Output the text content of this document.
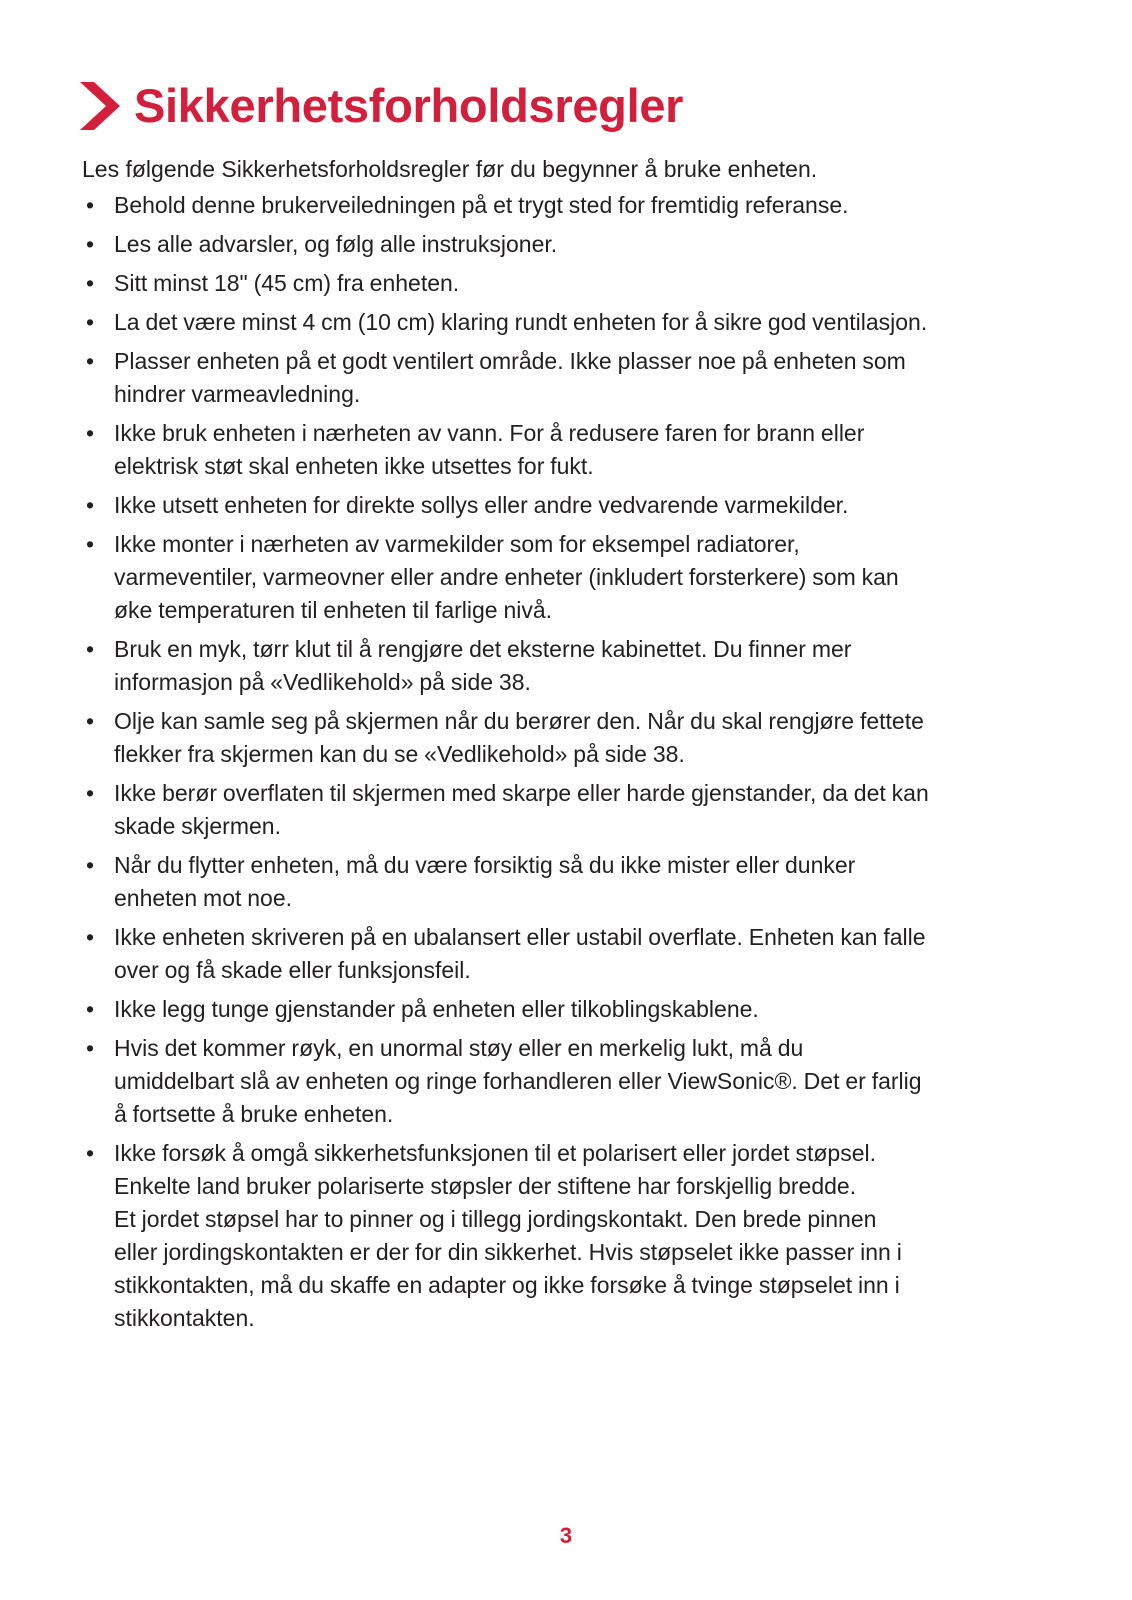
Sikkerhetsforholdsregler
Les følgende Sikkerhetsforholdsregler før du begynner å bruke enheten.
• Behold denne brukerveiledningen på et trygt sted for fremtidig referanse.
• Les alle advarsler, og følg alle instruksjoner.
• Sitt minst 18" (45 cm) fra enheten.
• La det være minst 4 cm (10 cm) klaring rundt enheten for å sikre god ventilasjon.
• Plasser enheten på et godt ventilert område. Ikke plasser noe på enheten som
hindrer varmeavledning.
• Ikke bruk enheten i nærheten av vann. For å redusere faren for brann eller
elektrisk støt skal enheten ikke utsettes for fukt.
• Ikke utsett enheten for direkte sollys eller andre vedvarende varmekilder.
• Ikke monter i nærheten av varmekilder som for eksempel radiatorer,
varmeventiler, varmeovner eller andre enheter (inkludert forsterkere) som kan
øke temperaturen til enheten til farlige nivå.
• Bruk en myk, tørr klut til å rengjøre det eksterne kabinettet. Du finner mer
informasjon på «Vedlikehold» på side 38.
• Olje kan samle seg på skjermen når du berører den. Når du skal rengjøre fettete
flekker fra skjermen kan du se «Vedlikehold» på side 38.
• Ikke berør overflaten til skjermen med skarpe eller harde gjenstander, da det kan
skade skjermen.
• Når du flytter enheten, må du være forsiktig så du ikke mister eller dunker
enheten mot noe.
• Ikke enheten skriveren på en ubalansert eller ustabil overflate. Enheten kan falle
over og få skade eller funksjonsfeil.
• Ikke legg tunge gjenstander på enheten eller tilkoblingskablene.
• Hvis det kommer røyk, en unormal støy eller en merkelig lukt, må du
umiddelbart slå av enheten og ringe forhandleren eller ViewSonic®. Det er farlig
å fortsette å bruke enheten.
• Ikke forsøk å omgå sikkerhetsfunksjonen til et polarisert eller jordet støpsel.
Enkelte land bruker polariserte støpsler der stiftene har forskjellig bredde.
Et jordet støpsel har to pinner og i tillegg jordingskontakt. Den brede pinnen
eller jordingskontakten er der for din sikkerhet. Hvis støpselet ikke passer inn i
stikkontakten, må du skaffe en adapter og ikke forsøke å tvinge støpselet inn i
stikkontakten.
3
